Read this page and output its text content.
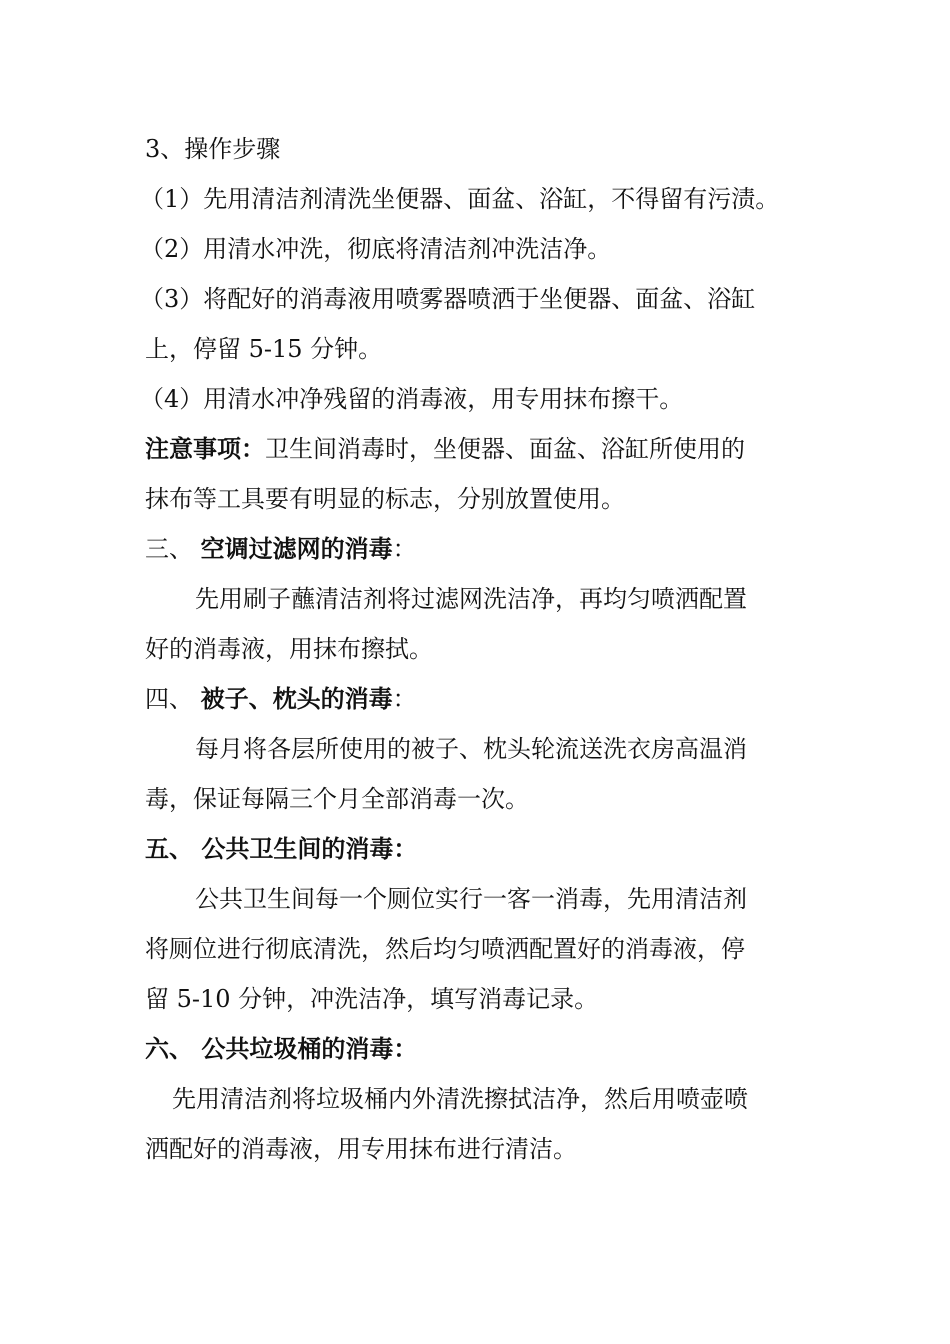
3、操作步骤
（1）先用清洁剂清洗坐便器、面盆、浴缸，不得留有污渍。
（2）用清水冲洗，彻底将清洁剂冲洗洁净。
（3）将配好的消毒液用喷雾器喷洒于坐便器、面盆、浴缸
上，停留 5-15 分钟。
（4）用清水冲净残留的消毒液，用专用抹布擦干。
注意事项：卫生间消毒时，坐便器、面盆、浴缸所使用的
抹布等工具要有明显的标志，分别放置使用。
三、 空调过滤网的消毒：
先用刷子蘸清洁剂将过滤网洗洁净，再均匀喷洒配置
好的消毒液，用抹布擦拭。
四、 被子、枕头的消毒：
每月将各层所使用的被子、枕头轮流送洗衣房高温消
毒，保证每隔三个月全部消毒一次。
五、 公共卫生间的消毒：
公共卫生间每一个厕位实行一客一消毒，先用清洁剂
将厕位进行彻底清洗，然后均匀喷洒配置好的消毒液，停
留 5-10 分钟，冲洗洁净，填写消毒记录。
六、 公共垃圾桶的消毒：
先用清洁剂将垃圾桶内外清洗擦拭洁净，然后用喷壶喷
洒配好的消毒液，用专用抹布进行清洁。
